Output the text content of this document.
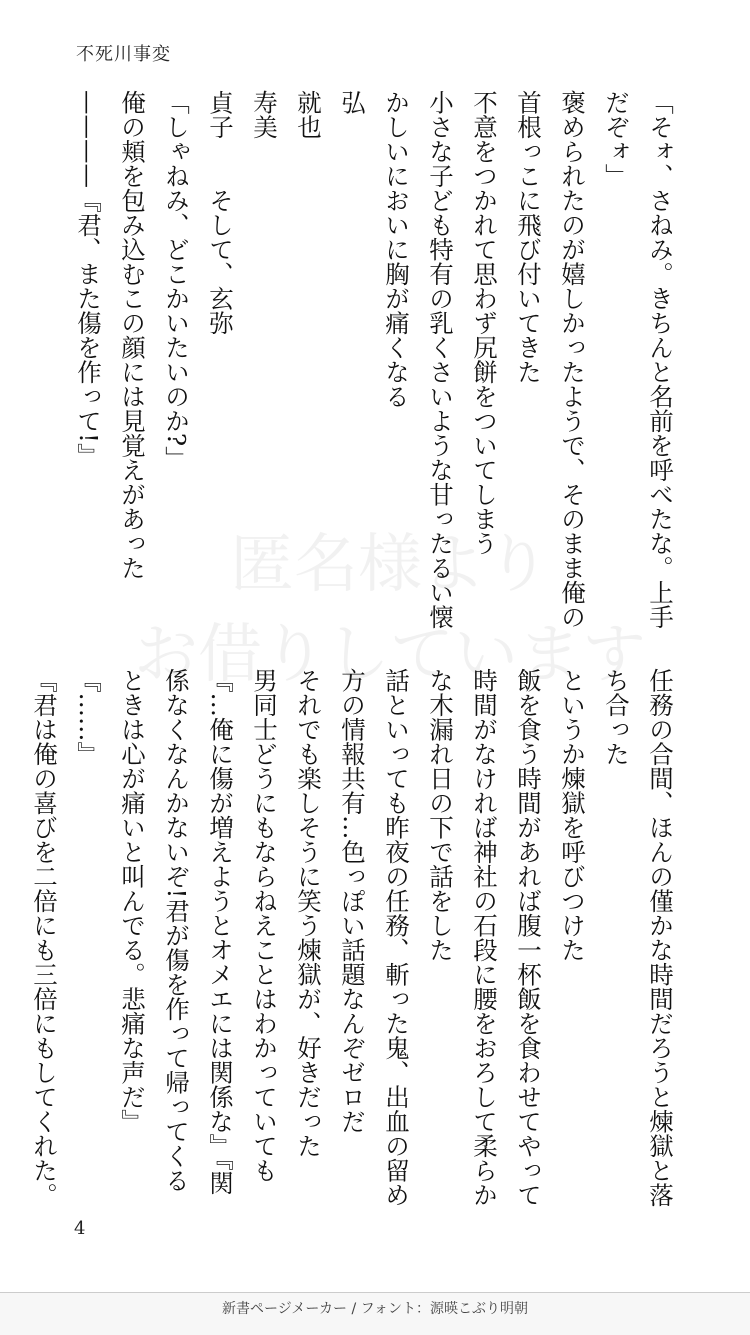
不死川事変
匿名様より
お借りしています

「そォ、さねみ。きちんと名前を呼べたな。上手だぞォ」

褒められたのが嬉しかったようで、そのまま俺の首根っこに飛び付いてきた

不意をつかれて思わず尻餅をついてしまう

小さな子ども特有の乳くさいような甘ったるい懐かしいにおいに胸が痛くなる

弘

就也

寿美

貞子　　そして、玄弥

「しゃねみ、どこかいたいのか?」

俺の頬を包み込むこの顔には見覚えがあった

————『君、また傷を作って!』

任務の合間、ほんの僅かな時間だろうと煉獄と落ち合った

というか煉獄を呼びつけた

飯を食う時間があれば腹一杯飯を食わせてやって

時間がなければ神社の石段に腰をおろして柔らかな木漏れ日の下で話をした

話といっても昨夜の任務、斬った鬼、出血の留め方の情報共有…色っぽい話題なんぞゼロだ

それでも楽しそうに笑う煉獄が、好きだった

男同士どうにもならねえことはわかっていても

『…俺に傷が増えようとオメエには関係な』『関係なくなんかないぞ!君が傷を作って帰ってくるときは心が痛いと叫んでる。悲痛な声だ』

『……』

『君は俺の喜びを二倍にも三倍にもしてくれた。

4
新書ページメーカー / フォント：源暎こぶり明朝
